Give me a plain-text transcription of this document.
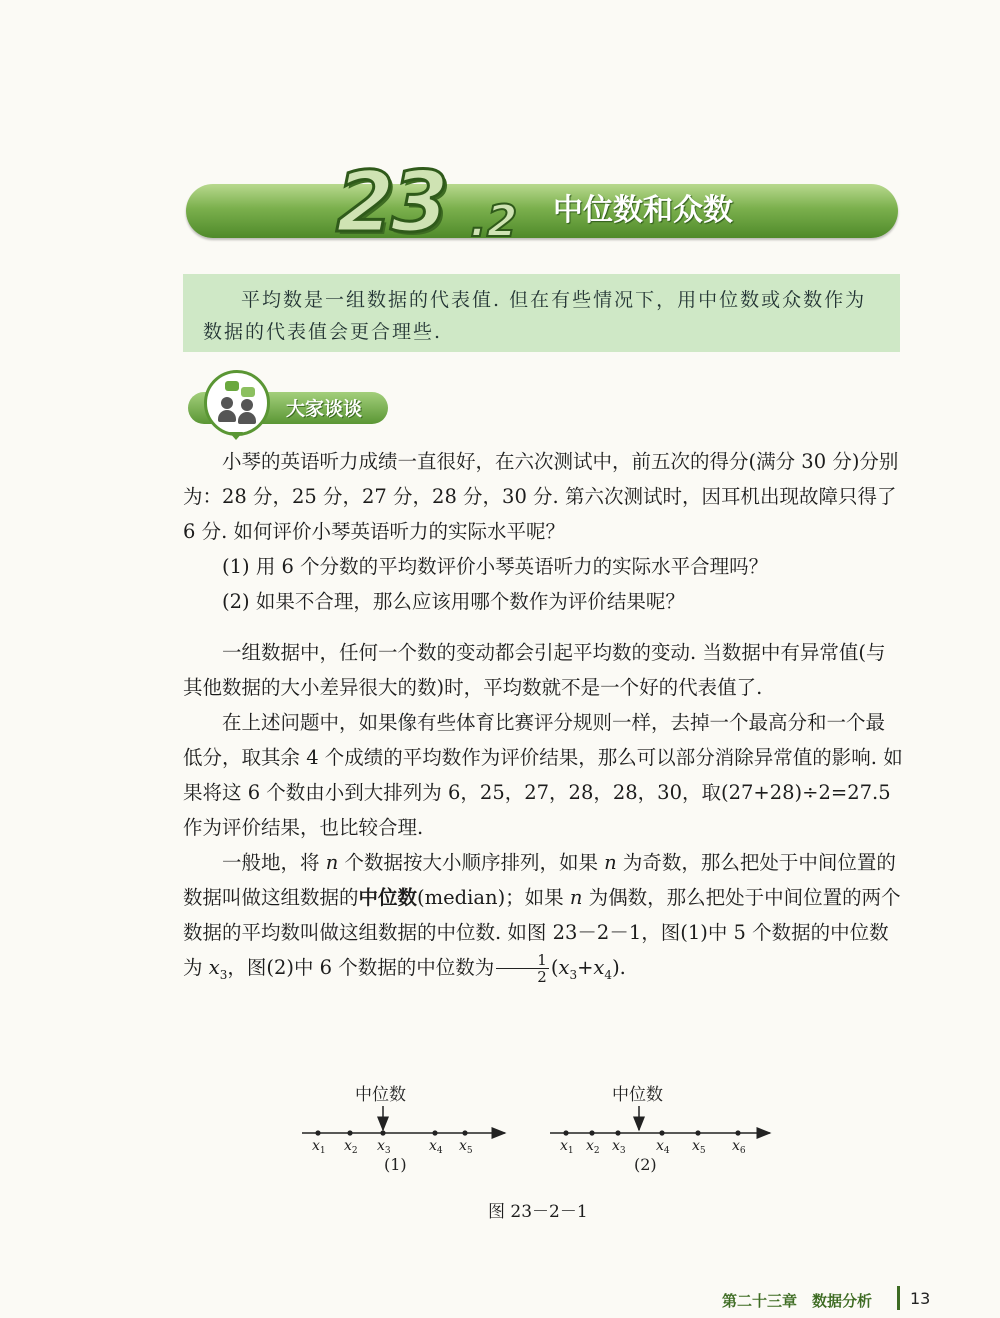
23 .2 中位数和众数

平均数是一组数据的代表值. 但在有些情况下，用中位数或众数作为数据的代表值会更合理些.

大家谈谈

小琴的英语听力成绩一直很好，在六次测试中，前五次的得分(满分 30 分)分别为：28 分，25 分，27 分，28 分，30 分. 第六次测试时，因耳机出现故障只得了 6 分. 如何评价小琴英语听力的实际水平呢？

(1) 用 6 个分数的平均数评价小琴英语听力的实际水平合理吗？

(2) 如果不合理，那么应该用哪个数作为评价结果呢？

一组数据中，任何一个数的变动都会引起平均数的变动. 当数据中有异常值(与其他数据的大小差异很大的数)时，平均数就不是一个好的代表值了.

在上述问题中，如果像有些体育比赛评分规则一样，去掉一个最高分和一个最低分，取其余 4 个成绩的平均数作为评价结果，那么可以部分消除异常值的影响. 如果将这 6 个数由小到大排列为 6，25，27，28，28，30，取(27+28)÷2=27.5 作为评价结果，也比较合理.

一般地，将 n 个数据按大小顺序排列，如果 n 为奇数，那么把处于中间位置的数据叫做这组数据的中位数(median)；如果 n 为偶数，那么把处于中间位置的两个数据的平均数叫做这组数据的中位数. 如图 23－2－1，图(1)中 5 个数据的中位数为 $x_3$，图(2)中 6 个数据的中位数为 $\frac{1}{2} (x_3+x_4)$.

中位数
$x_1$ $x_2$ $x_3$	$x_4$ $x_5$
(1)
中位数
$x_1$ $x_2$ $x_3$ $x_4$ $x_5$ $x_6$
(2)
图 23－2－1
第二十三章　数据分析 13
